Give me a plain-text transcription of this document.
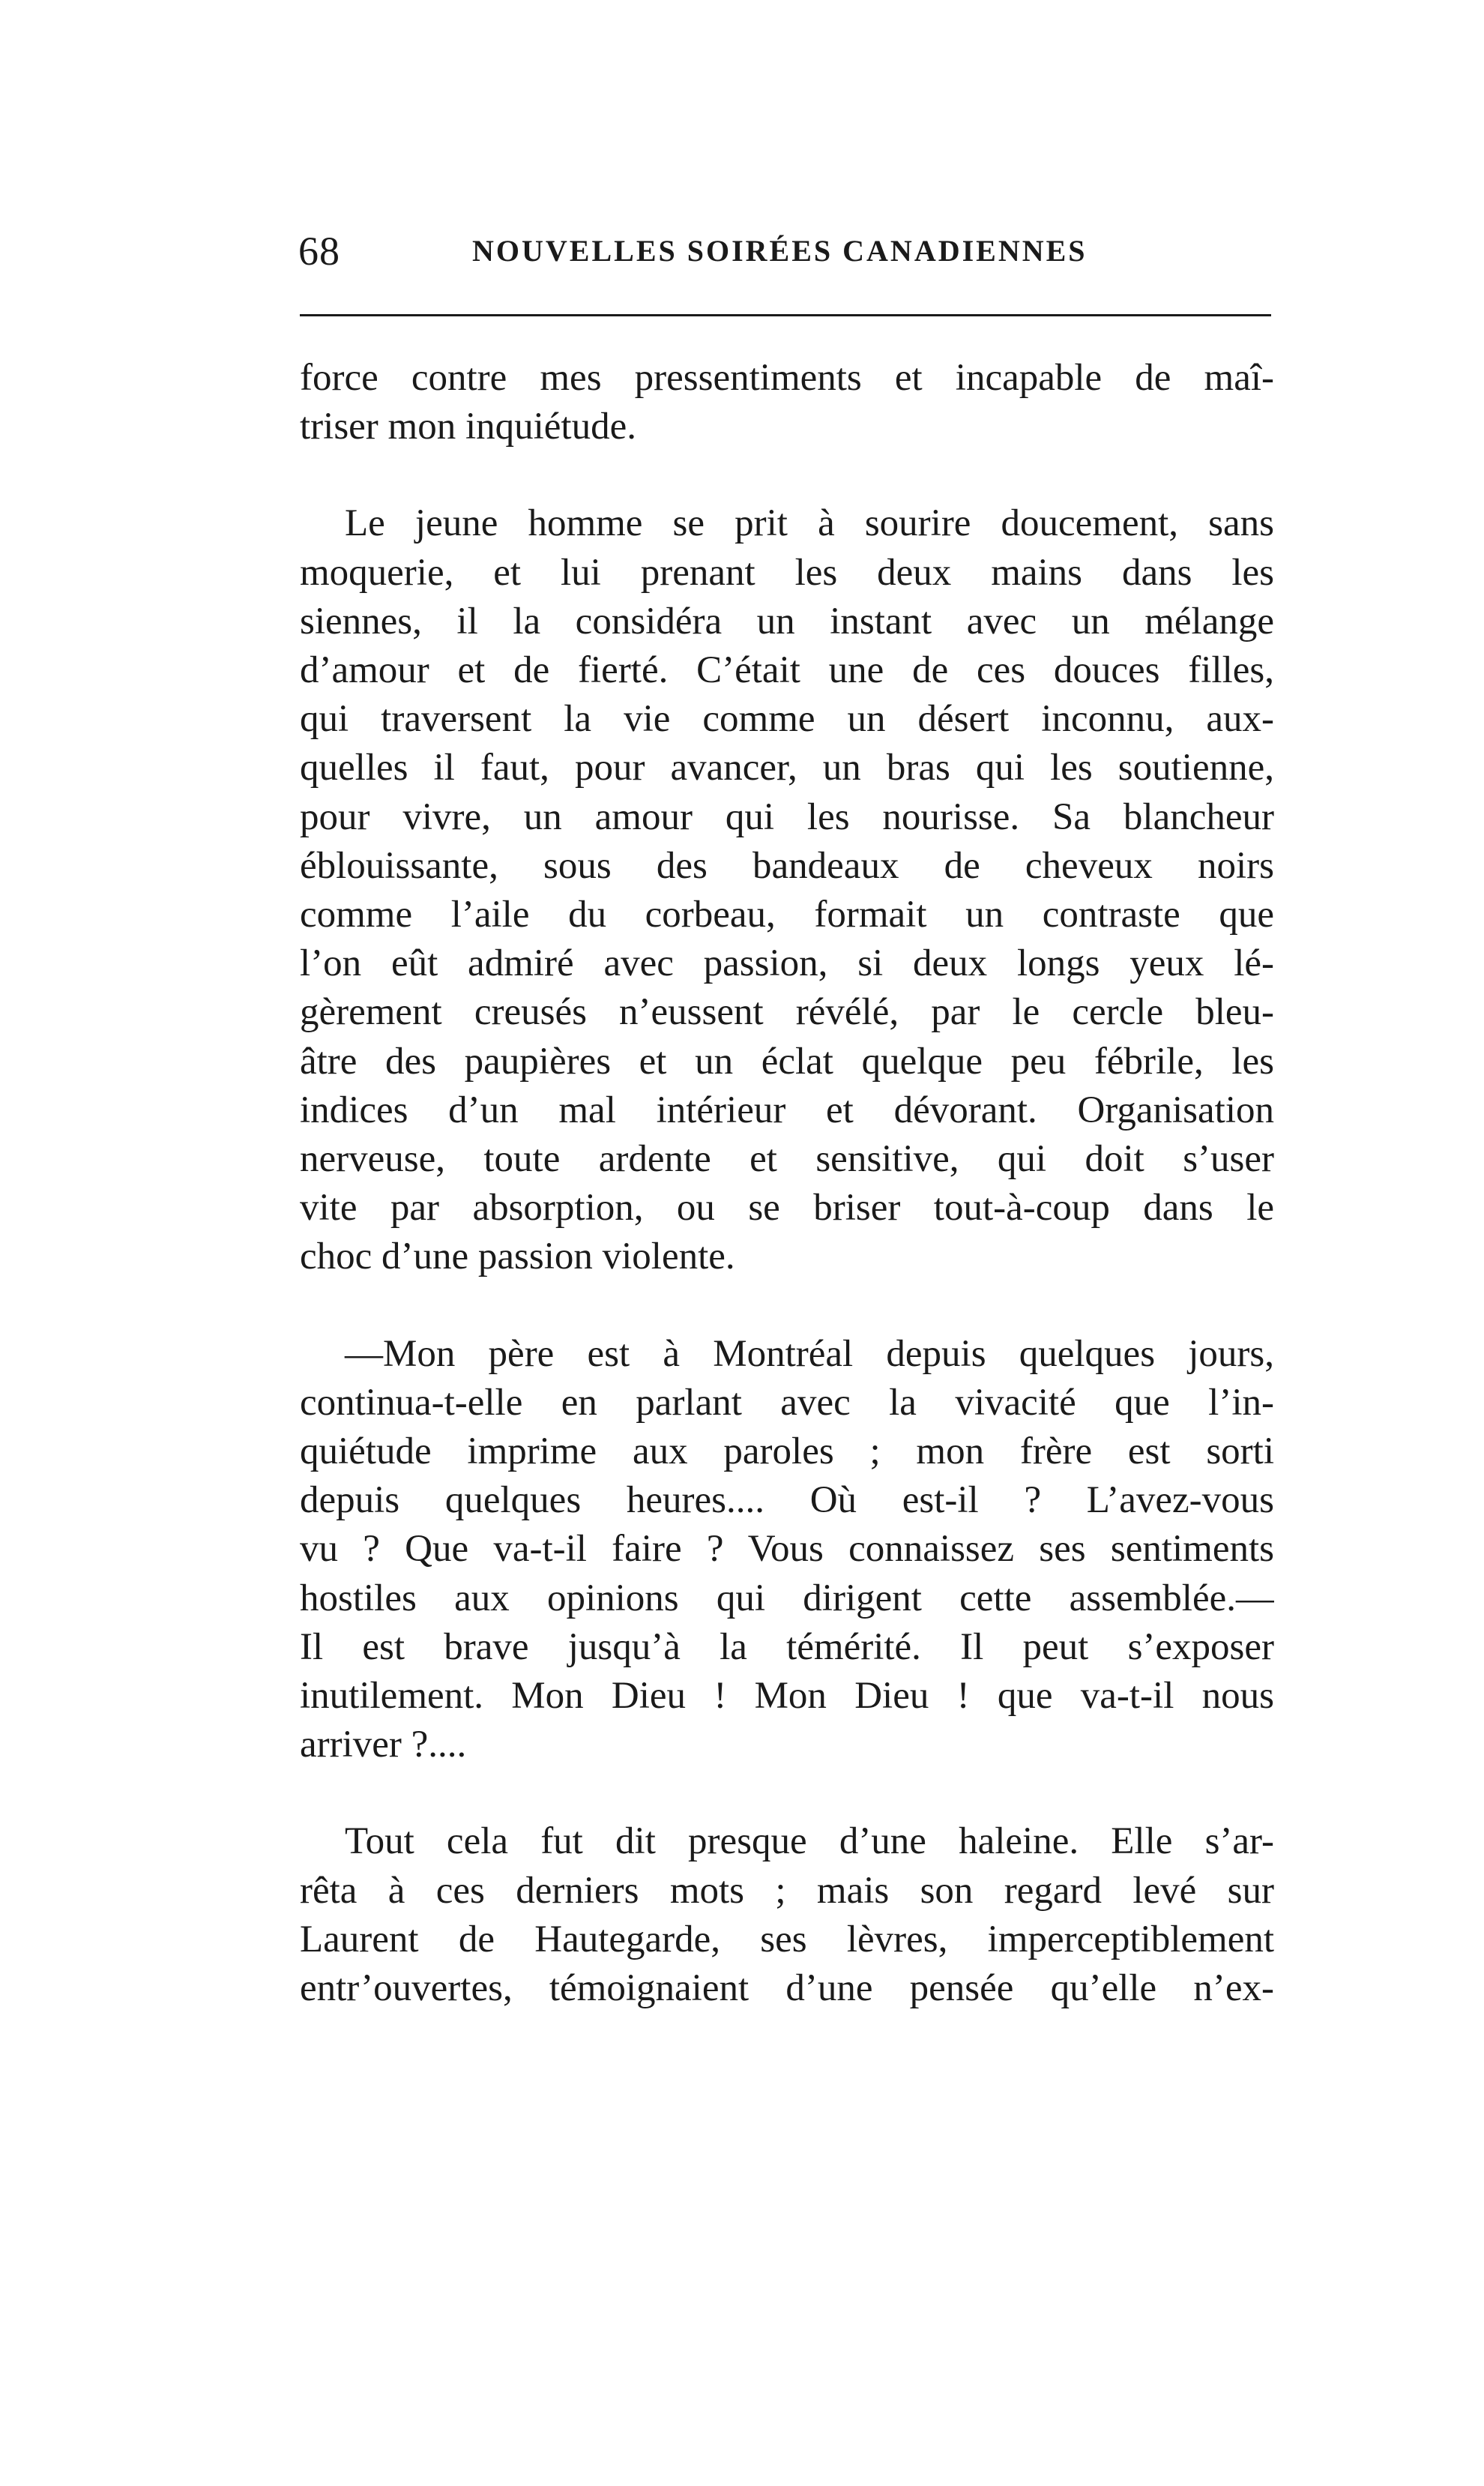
68	NOUVELLES SOIRÉES CANADIENNES

force contre mes pressentiments et incapable de maî-
triser mon inquiétude.

Le jeune homme se prit à sourire doucement, sans
moquerie, et lui prenant les deux mains dans les
siennes, il la considéra un instant avec un mélange
d’amour et de fierté. C’était une de ces douces filles,
qui traversent la vie comme un désert inconnu, aux-
quelles il faut, pour avancer, un bras qui les soutienne,
pour vivre, un amour qui les nourisse. Sa blancheur
éblouissante, sous des bandeaux de cheveux noirs
comme l’aile du corbeau, formait un contraste que
l’on eût admiré avec passion, si deux longs yeux lé-
gèrement creusés n’eussent révélé, par le cercle bleu-
âtre des paupières et un éclat quelque peu fébrile, les
indices d’un mal intérieur et dévorant. Organisation
nerveuse, toute ardente et sensitive, qui doit s’user
vite par absorption, ou se briser tout-à-coup dans le
choc d’une passion violente.

—Mon père est à Montréal depuis quelques jours,
continua-t-elle en parlant avec la vivacité que l’in-
quiétude imprime aux paroles ; mon frère est sorti
depuis quelques heures.... Où est-il ? L’avez-vous
vu ? Que va-t-il faire ? Vous connaissez ses sentiments
hostiles aux opinions qui dirigent cette assemblée.—
Il est brave jusqu’à la témérité. Il peut s’exposer
inutilement. Mon Dieu ! Mon Dieu ! que va-t-il nous
arriver ?....

Tout cela fut dit presque d’une haleine. Elle s’ar-
rêta à ces derniers mots ; mais son regard levé sur
Laurent de Hautegarde, ses lèvres, imperceptiblement
entr’ouvertes, témoignaient d’une pensée qu’elle n’ex-
